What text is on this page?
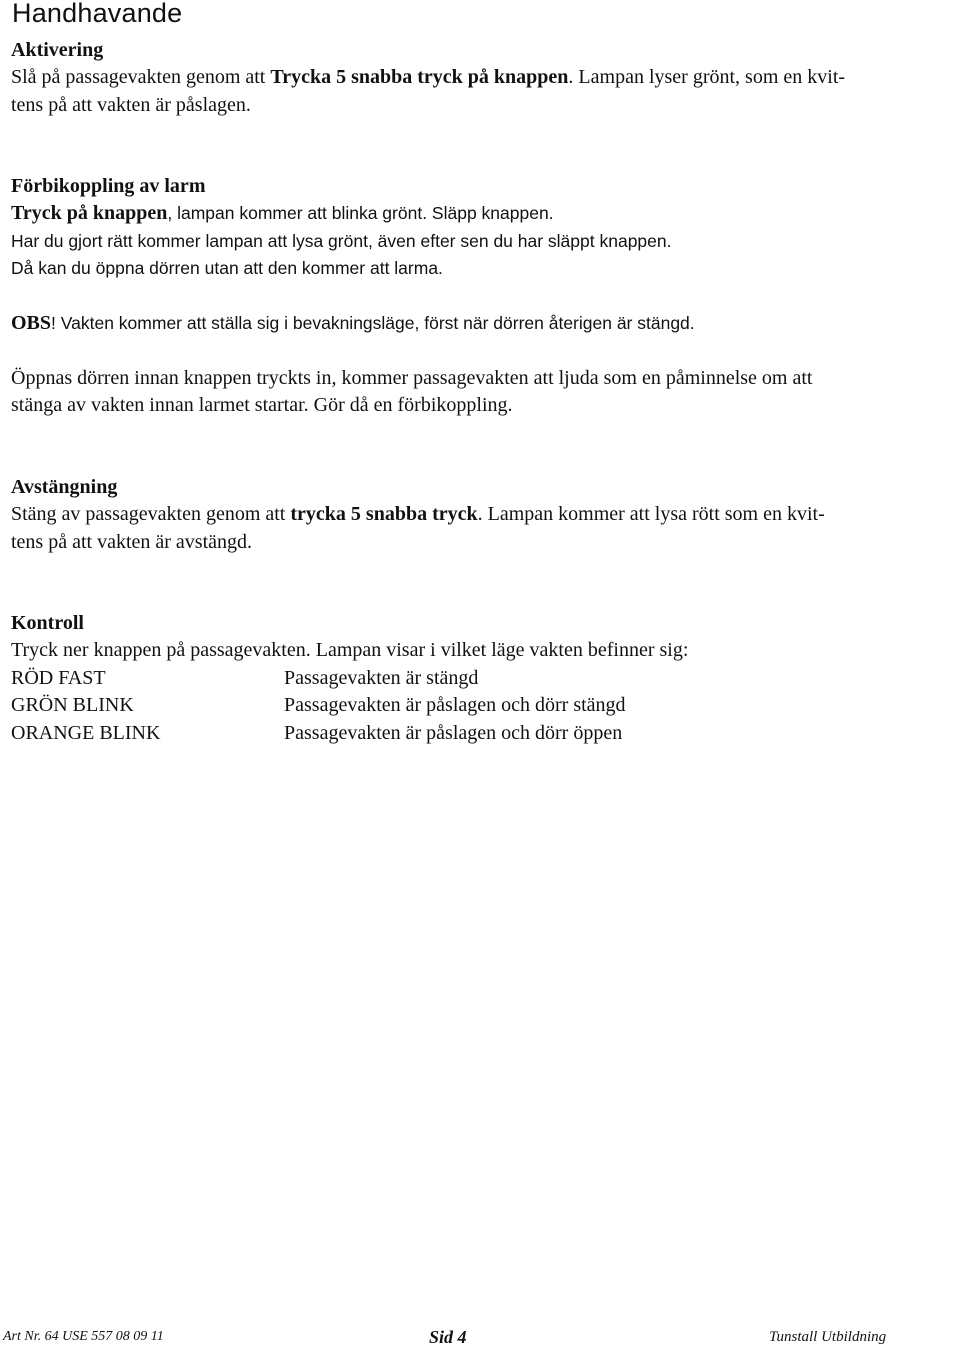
Handhavande
Aktivering
Slå på passagevakten genom att Trycka 5 snabba tryck på knappen. Lampan lyser grönt, som en kvit-
tens på att vakten är påslagen.
Förbikoppling av larm
Tryck på knappen, lampan kommer att blinka grönt. Släpp knappen.
Har du gjort rätt kommer lampan att lysa grönt, även efter sen du har släppt knappen.
Då kan du öppna dörren utan att den kommer att larma.
OBS! Vakten kommer att ställa sig i bevakningsläge, först när dörren återigen är stängd.
Öppnas dörren innan knappen tryckts in, kommer passagevakten att ljuda som en påminnelse om att
stänga av vakten innan larmet startar. Gör då en förbikoppling.
Avstängning
Stäng av passagevakten genom att trycka 5 snabba tryck. Lampan kommer att lysa rött som en kvit-
tens på att vakten är avstängd.
Kontroll
Tryck ner knappen på passagevakten. Lampan visar i vilket läge vakten befinner sig:
RÖD FAST	Passagevakten är stängd
GRÖN BLINK	Passagevakten är påslagen och dörr stängd
ORANGE BLINK	Passagevakten är påslagen och dörr öppen
Art Nr. 64 USE 557 08 09 11	Sid 4	Tunstall Utbildning
